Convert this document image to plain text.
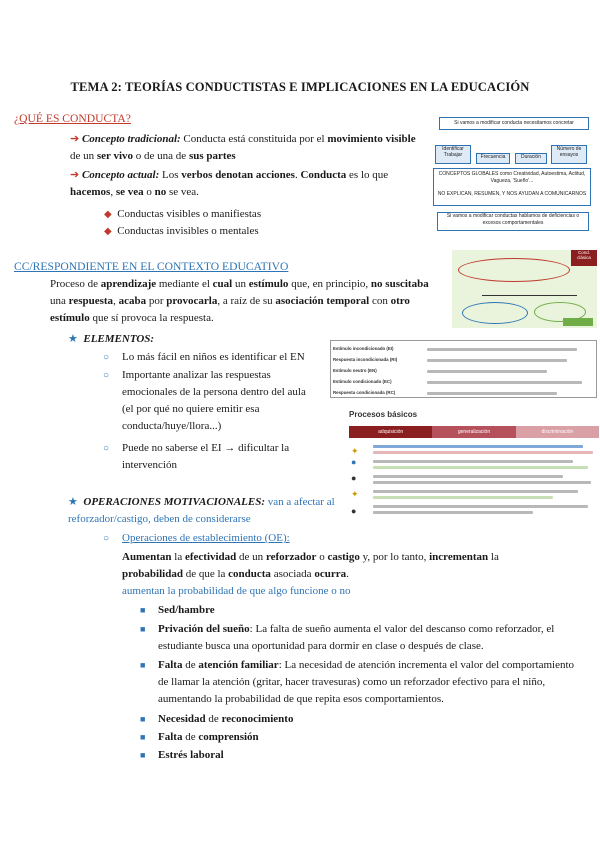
TEMA 2: TEORÍAS CONDUCTISTAS E IMPLICACIONES EN LA EDUCACIÓN
¿QUÉ ES CONDUCTA?
➔ Concepto tradicional: Conducta está constituida por el movimiento visible de un ser vivo o de una de sus partes
➔ Concepto actual: Los verbos denotan acciones. Conducta es lo que hacemos, se vea o no se vea.
◆ Conductas visibles o manifiestas
◆ Conductas invisibles o mentales
CC/RESPONDIENTE EN EL CONTEXTO EDUCATIVO
Proceso de aprendizaje mediante el cual un estímulo que, en principio, no suscitaba una respuesta, acaba por provocarla, a raíz de su asociación temporal con otro estímulo que sí provoca la respuesta.
★ ELEMENTOS:
○	Lo más fácil en niños es identificar el EN
○ Importante analizar las respuestas emocionales de la persona dentro del aula (el por qué no quiere emitir esa conducta/huye/llora...)
○ Puede no saberse el EI → dificultar la intervención
★ OPERACIONES MOTIVACIONALES: van a afectar al reforzador/castigo, deben de considerarse
○ Operaciones de establecimiento (OE):
Aumentan la efectividad de un reforzador o castigo y, por lo tanto, incrementan la probabilidad de que la conducta asociada ocurra.
aumentan la probabilidad de que algo funcione o no
■ Sed/hambre
■ Privación del sueño: La falta de sueño aumenta el valor del descanso como reforzador, el estudiante busca una oportunidad para dormir en clase o después de clase.
■ Falta de atención familiar: La necesidad de atención incrementa el valor del comportamiento de llamar la atención (gritar, hacer travesuras) como un reforzador efectivo para el niño, aumentando la probabilidad de que repita esos comportamientos.
■ Necesidad de reconocimiento
■ Falta de comprensión
■ Estrés laboral
Si vamos a modificar conducta necesitamos concretar
Identificar Trabajar	Frecuencia	Duración
Número de ensayos
CONCEPTOS GLOBALES como Creatividad, Autoestima, Actitud, Vagueza, 'Sueño'...
NO EXPLICAN, RESUMEN, Y NOS AYUDAN A COMUNICARNOS
Si vamos a modificar conductas hablamos de deficiencias o excesos comportamentales
Cond. clásica
Estímulo incondicionado (EI)
Respuesta incondicionada (RI)
Estímulo neutro (EN)
Estímulo condicionado (EC)
Respuesta condicionada (RC)
Procesos básicos
adquisición	generalización	discriminación
✦
●
●
✦
●
